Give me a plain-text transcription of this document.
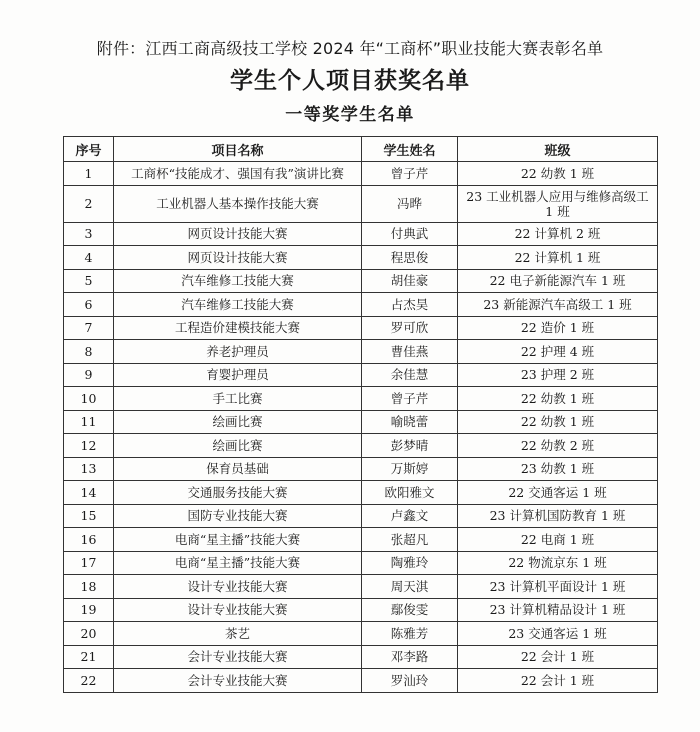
附件：江西工商高级技工学校 2024 年“工商杯”职业技能大赛表彰名单
学生个人项目获奖名单
一等奖学生名单
序号	项目名称	学生姓名	班级
1	工商杯“技能成才、强国有我”演讲比赛	曾子芹	22 幼教 1 班
2	工业机器人基本操作技能大赛	冯晔	23 工业机器人应用与维修高级工 1 班
3	网页设计技能大赛	付典武	22 计算机 2 班
4	网页设计技能大赛	程思俊	22 计算机 1 班
5	汽车维修工技能大赛	胡佳豪	22 电子新能源汽车 1 班
6	汽车维修工技能大赛	占杰昊	23 新能源汽车高级工 1 班
7	工程造价建模技能大赛	罗可欣	22 造价 1 班
8	养老护理员	曹佳燕	22 护理 4 班
9	育婴护理员	余佳慧	23 护理 2 班
10	手工比赛	曾子芹	22 幼教 1 班
11	绘画比赛	喻晓蕾	22 幼教 1 班
12	绘画比赛	彭梦晴	22 幼教 2 班
13	保育员基础	万斯婷	23 幼教 1 班
14	交通服务技能大赛	欧阳雅文	22 交通客运 1 班
15	国防专业技能大赛	卢鑫文	23 计算机国防教育 1 班
16	电商“星主播”技能大赛	张超凡	22 电商 1 班
17	电商“星主播”技能大赛	陶雅玲	22 物流京东 1 班
18	设计专业技能大赛	周天淇	23 计算机平面设计 1 班
19	设计专业技能大赛	鄢俊雯	23 计算机精品设计 1 班
20	茶艺	陈雅芳	23 交通客运 1 班
21	会计专业技能大赛	邓李路	22 会计 1 班
22	会计专业技能大赛	罗汕玲	22 会计 1 班
